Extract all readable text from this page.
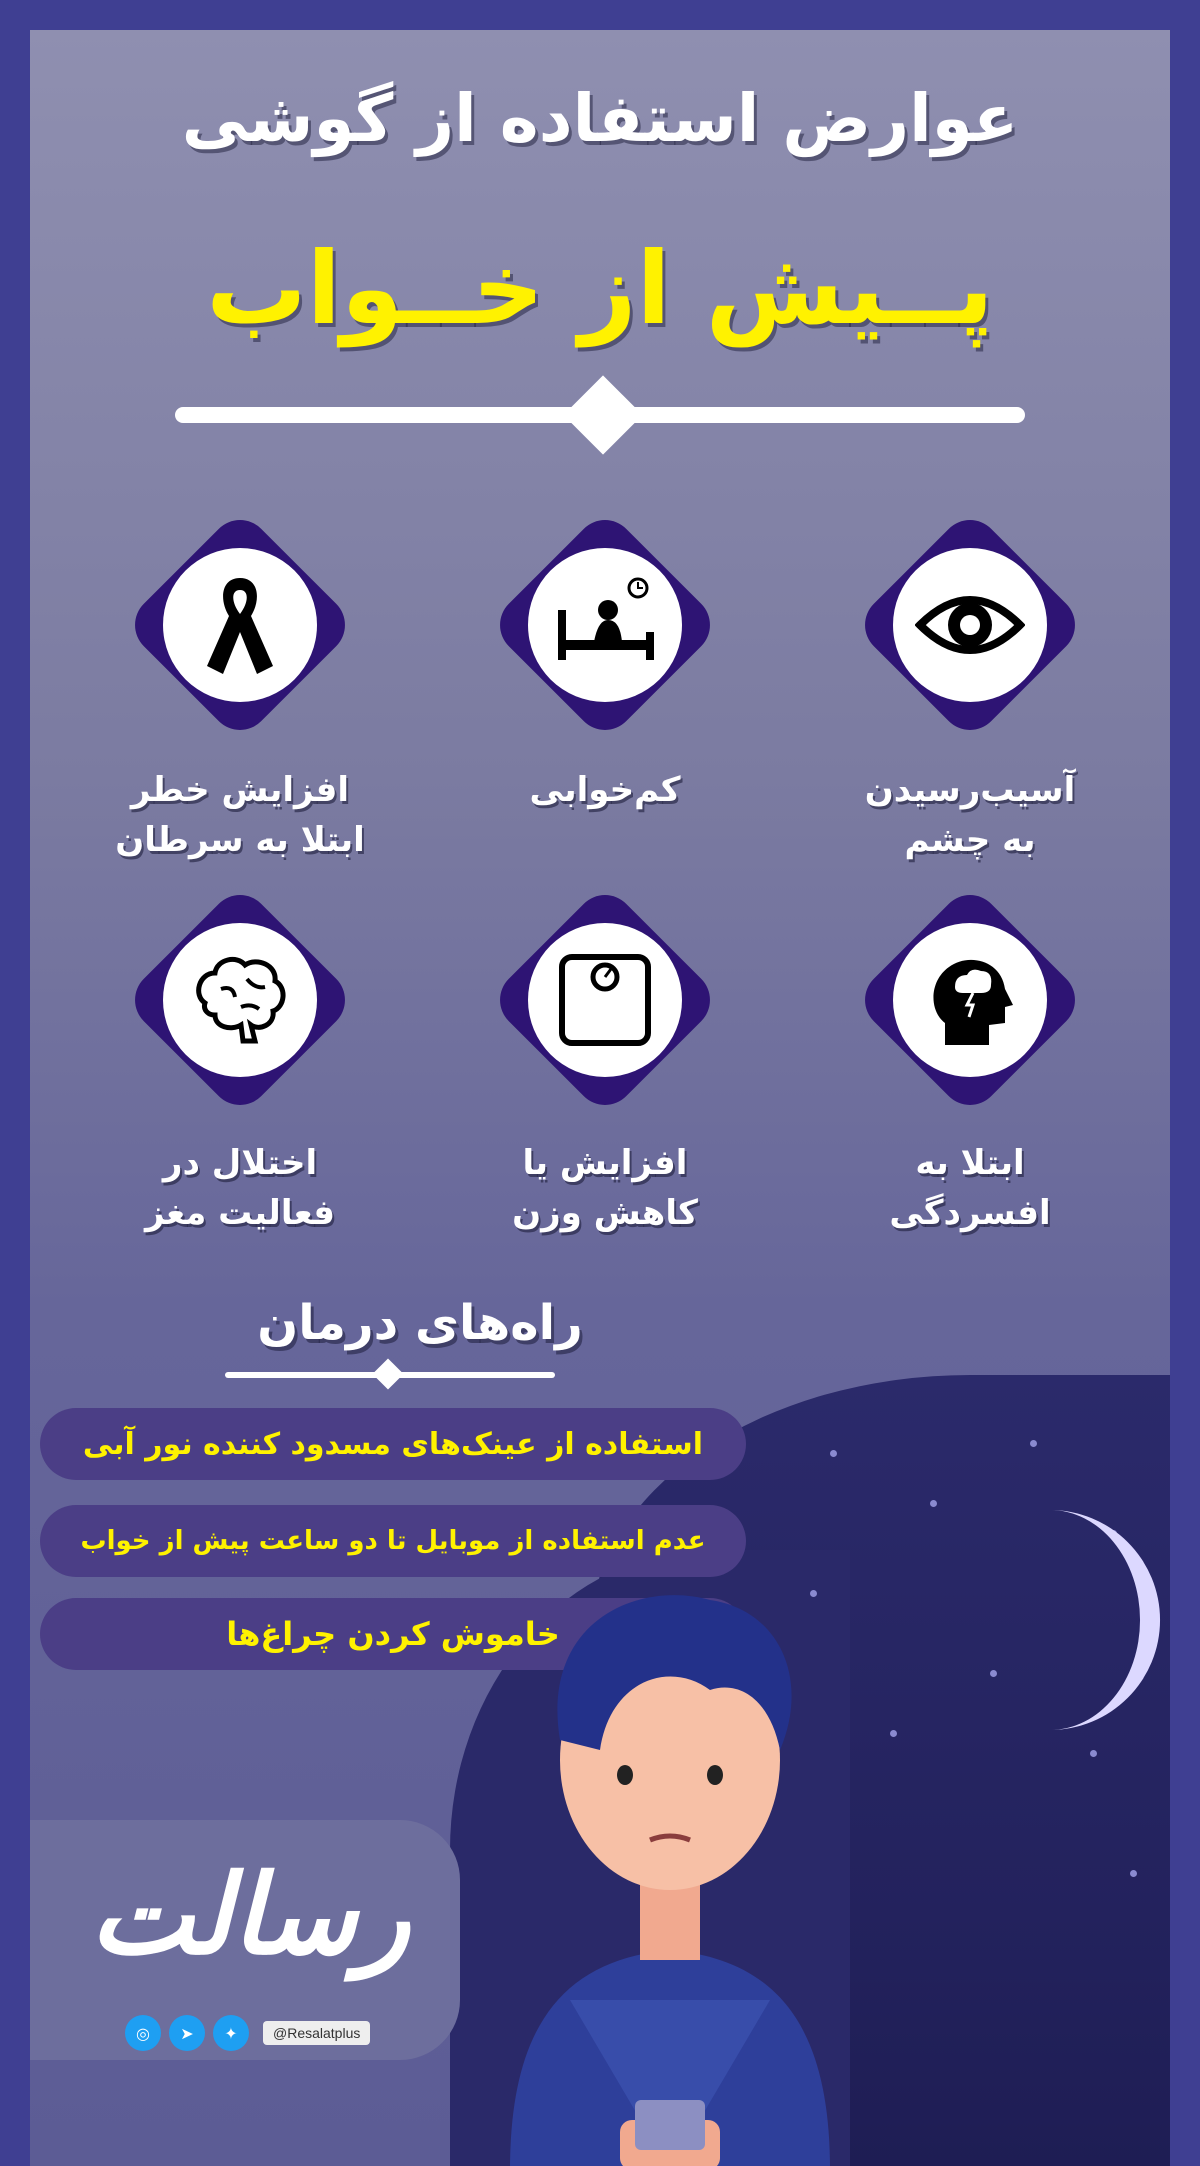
عوارض استفاده از گوشی
پــیش از خــواب
آسیب‌رسیدن
به چشم
کم‌خوابی
افزایش خطر
ابتلا به سرطان
ابتلا به
افسردگی
افزایش یا
کاهش وزن
اختلال در
فعالیت مغز
راه‌های درمان
استفاده از عینک‌های مسدود کننده نور آبی
عدم استفاده از موبایل تا دو ساعت پیش از خواب
خاموش کردن چراغ‌ها
رسالت
◎	➤	✦	@Resalatplus
